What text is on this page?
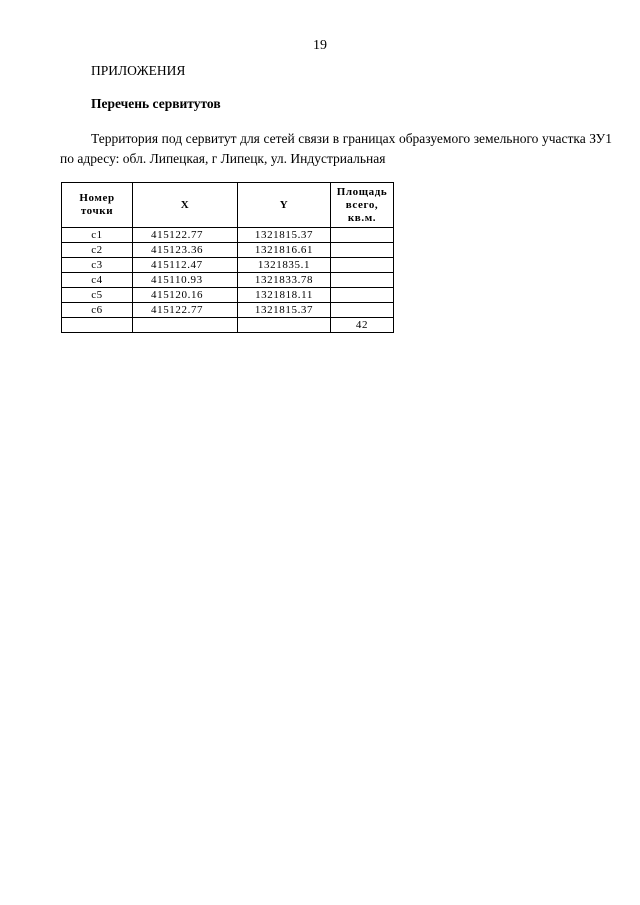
19
ПРИЛОЖЕНИЯ
Перечень сервитутов
Территория под сервитут для сетей связи в границах образуемого земельного участка ЗУ1 по адресу: обл. Липецкая, г Липецк, ул. Индустриальная
Номер точки	X	Y	Площадь всего, кв.м.
с1	415122.77	1321815.37	
с2	415123.36	1321816.61	
с3	415112.47	1321835.1	
с4	415110.93	1321833.78	
с5	415120.16	1321818.11	
с6	415122.77	1321815.37	
			42
